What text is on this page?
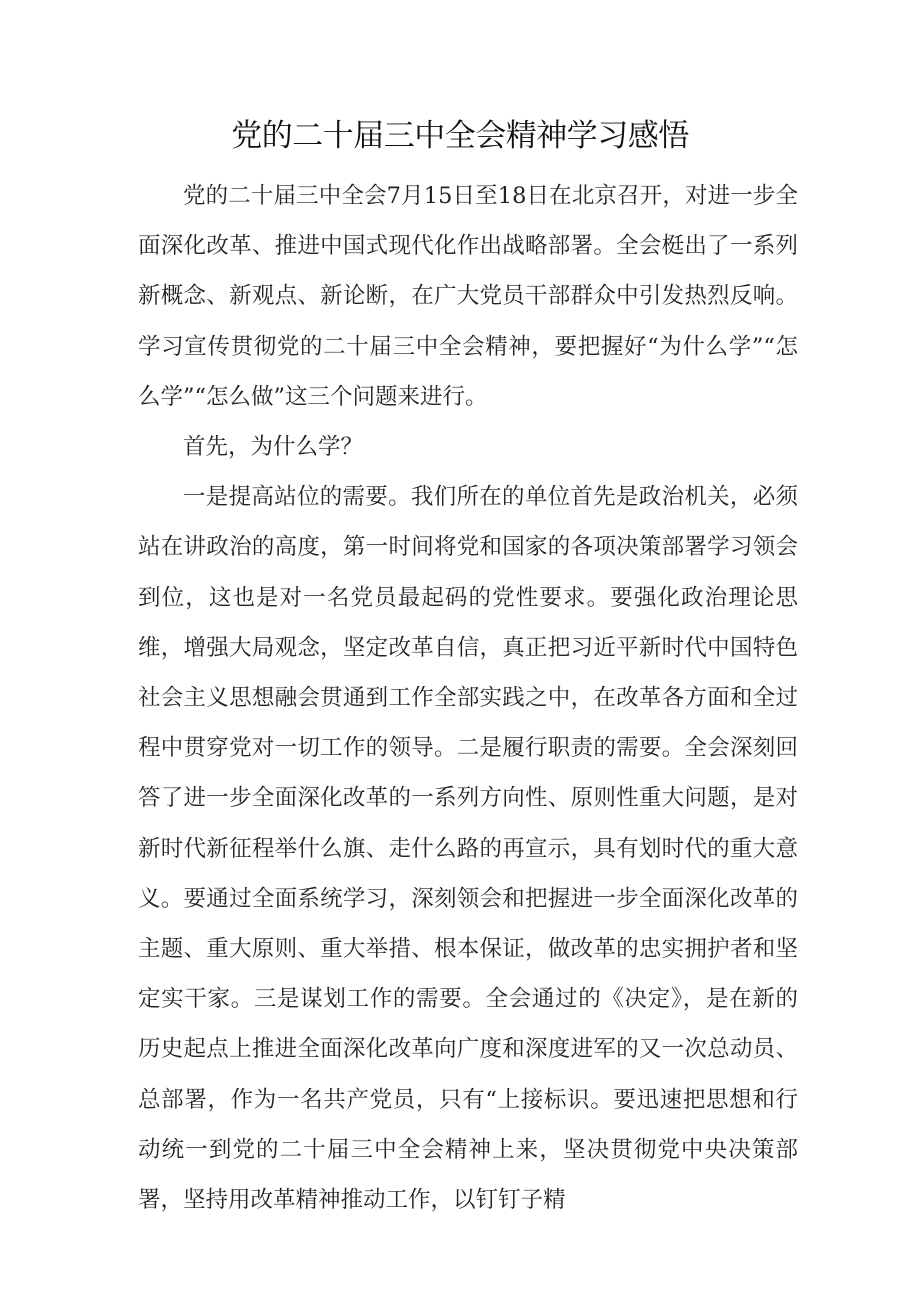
党的二十届三中全会精神学习感悟

党的二十届三中全会7月15日至18日在北京召开，对进一步全面深化改革、推进中国式现代化作出战略部署。全会梃出了一系列新概念、新观点、新论断，在广大党员干部群众中引发热烈反响。学习宣传贯彻党的二十届三中全会精神，要把握好“为什么学”“怎么学”“怎么做”这三个问题来进行。

首先，为什么学？

一是提高站位的需要。我们所在的单位首先是政治机关，必须站在讲政治的高度，第一时间将党和国家的各项决策部署学习领会到位，这也是对一名党员最起码的党性要求。要强化政治理论思维，增强大局观念，坚定改革自信，真正把习近平新时代中国特色社会主义思想融会贯通到工作全部实践之中，在改革各方面和全过程中贯穿党对一切工作的领导。二是履行职责的需要。全会深刻回答了进一步全面深化改革的一系列方向性、原则性重大问题，是对新时代新征程举什么旗、走什么路的再宣示，具有划时代的重大意义。要通过全面系统学习，深刻领会和把握进一步全面深化改革的主题、重大原则、重大举措、根本保证，做改革的忠实拥护者和坚定实干家。三是谋划工作的需要。全会通过的《决定》，是在新的历史起点上推进全面深化改革向广度和深度进军的又一次总动员、总部署，作为一名共产党员，只有“上接标识。要迅速把思想和行动统一到党的二十届三中全会精神上来，坚决贯彻党中央决策部署，坚持用改革精神推动工作，以钉钉子精
